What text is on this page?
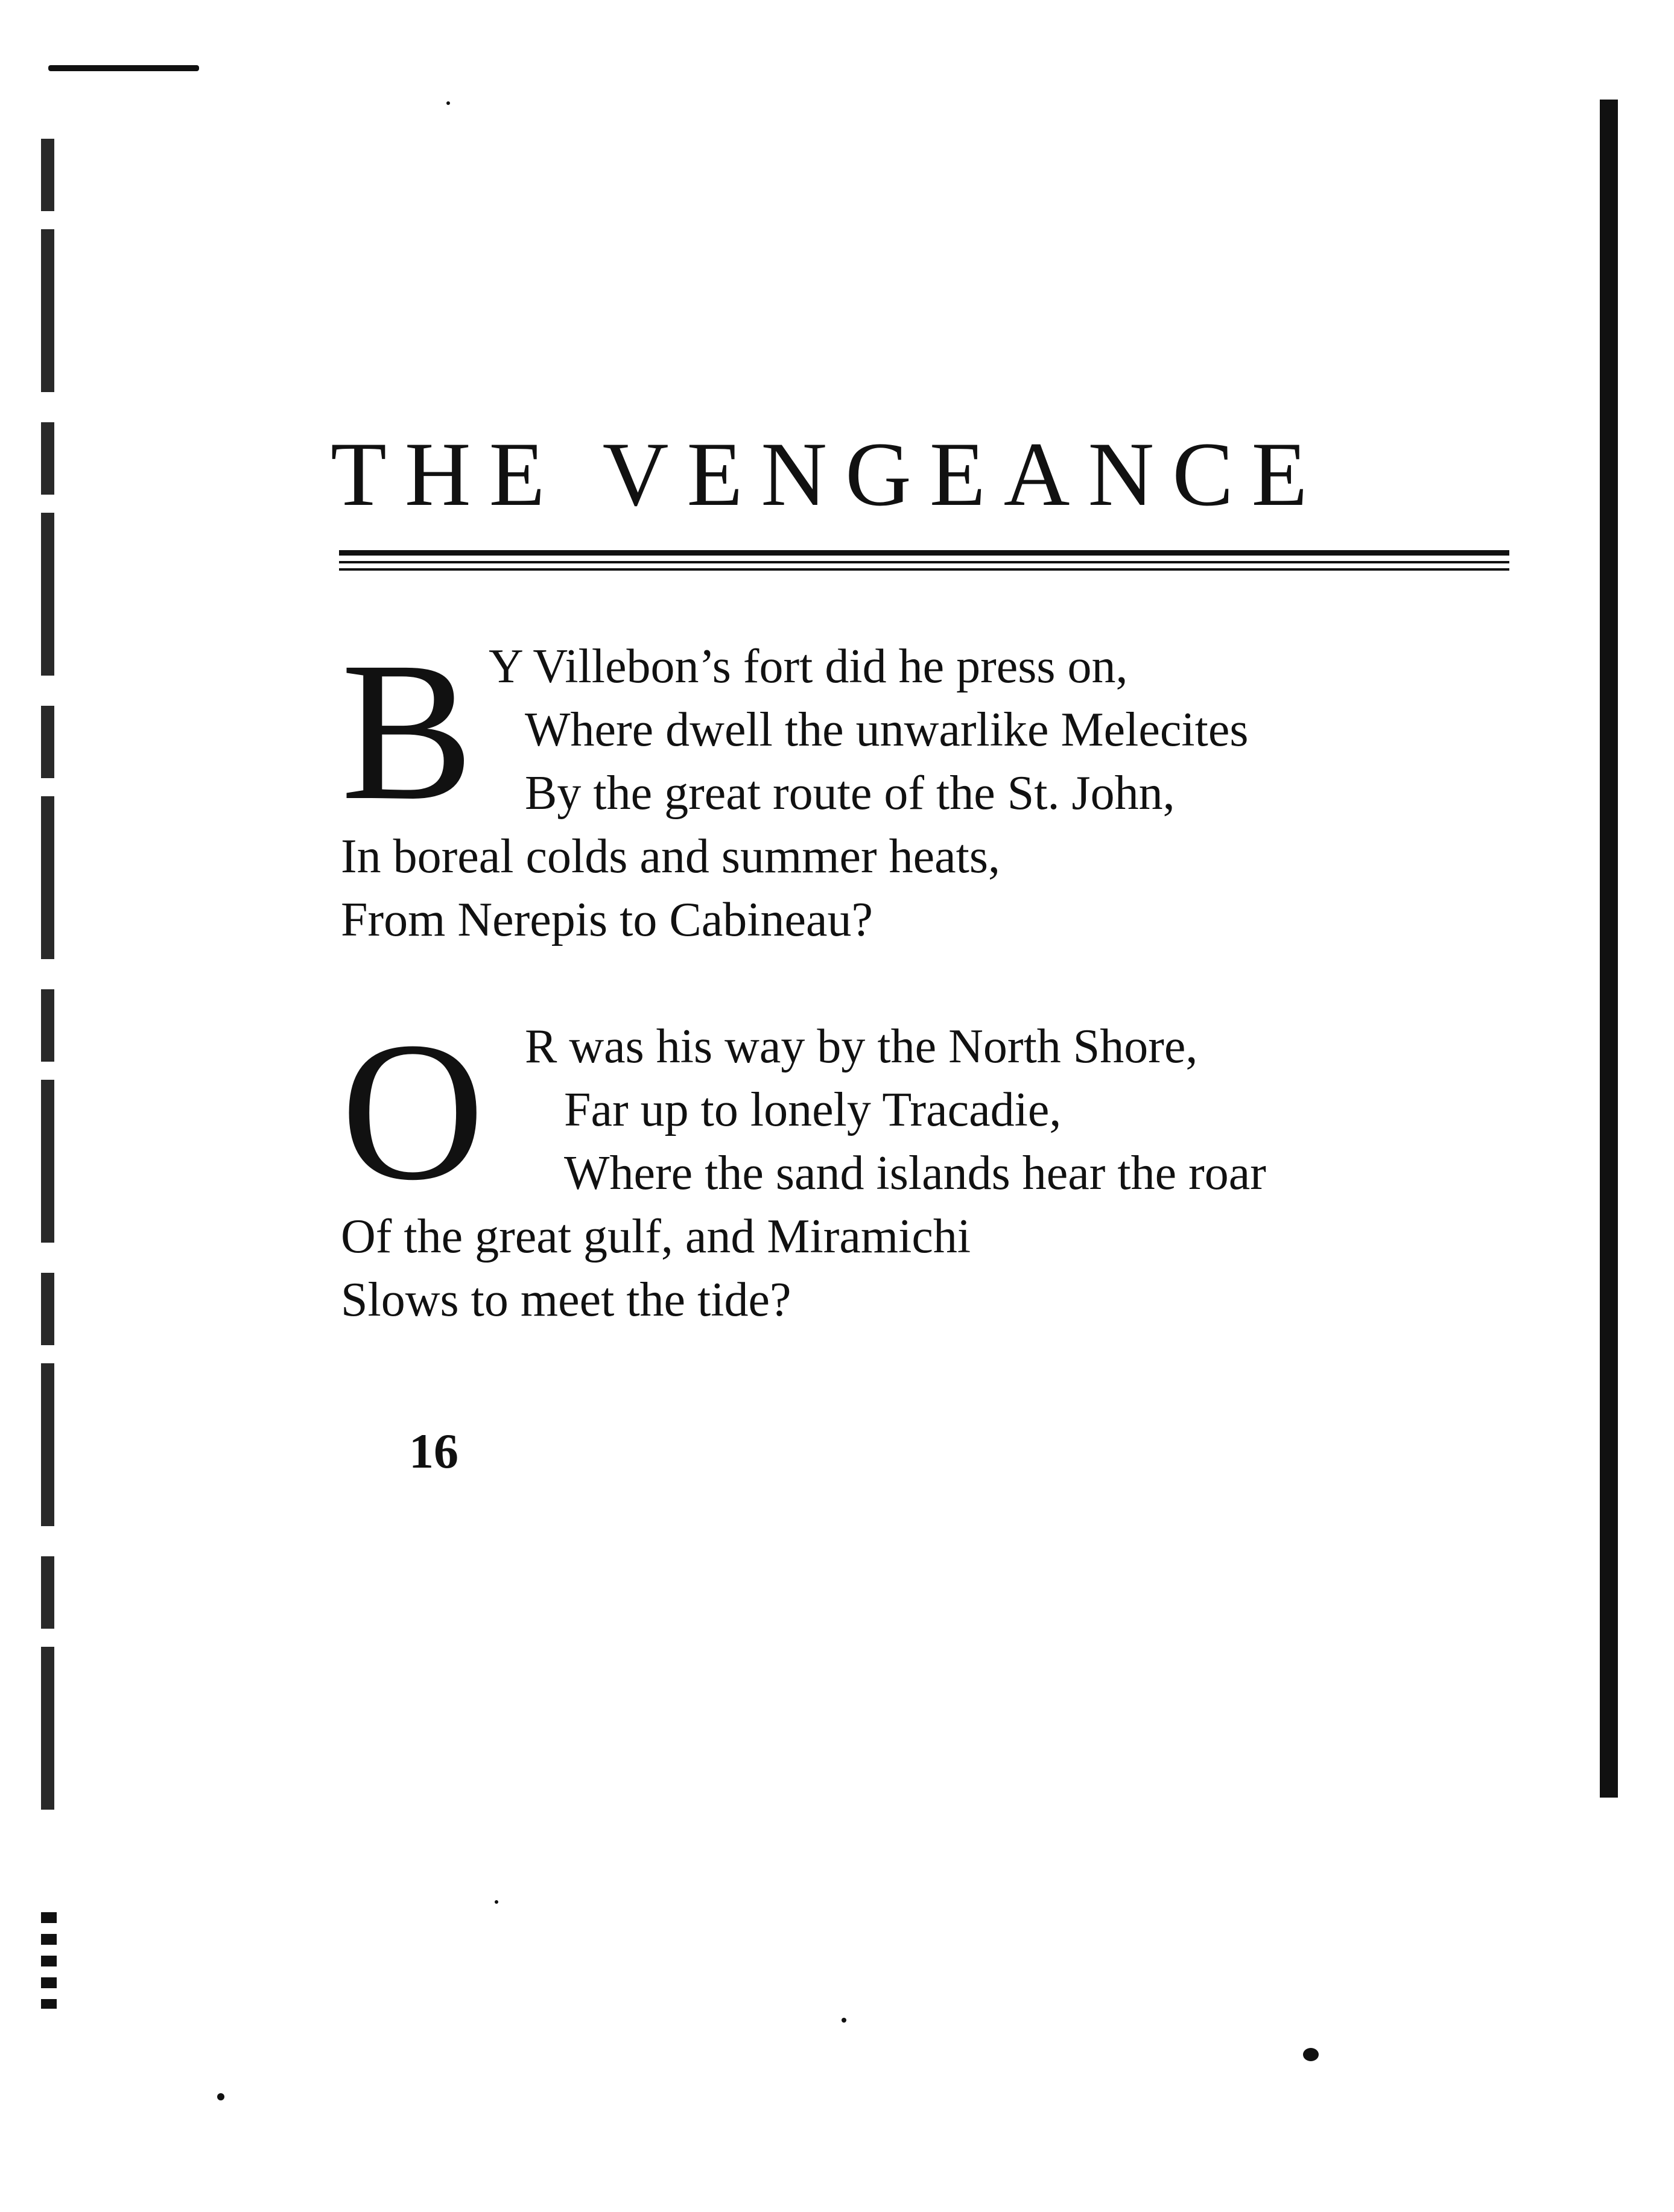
THE VENGEANCE
B Y Villebon’s fort did he press on,
Where dwell the unwarlike Melecites
By the great route of the St. John,
In boreal colds and summer heats,
From Nerepis to Cabineau?
O R was his way by the North Shore,
Far up to lonely Tracadie,
Where the sand islands hear the roar
Of the great gulf, and Miramichi
Slows to meet the tide?
16
